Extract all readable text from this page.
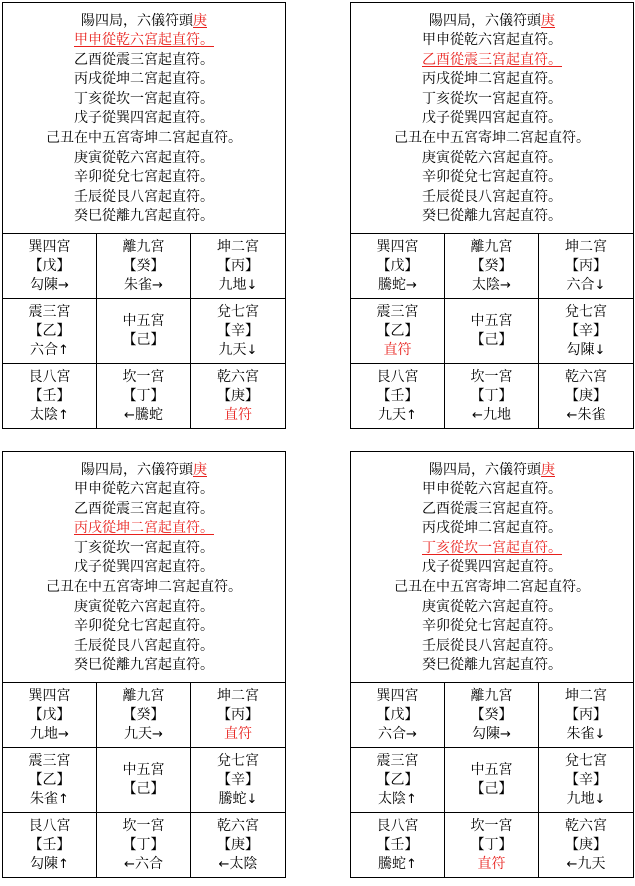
陽四局，六儀符頭庚
甲申從乾六宮起直符。
乙酉從震三宮起直符。
丙戌從坤二宮起直符。
丁亥從坎一宮起直符。
戊子從巽四宮起直符。
己丑在中五宮寄坤二宮起直符。
庚寅從乾六宮起直符。
辛卯從兌七宮起直符。
壬辰從艮八宮起直符。
癸巳從離九宮起直符。
巽四宮
【戊】
勾陳→
離九宮
【癸】
朱雀→
坤二宮
【丙】
九地↓
震三宮
【乙】
六合↑
中五宮
【己】
兌七宮
【辛】
九天↓
艮八宮
【壬】
太陰↑
坎一宮
【丁】
←騰蛇
乾六宮
【庚】
直符
陽四局，六儀符頭庚
甲申從乾六宮起直符。
乙酉從震三宮起直符。
丙戌從坤二宮起直符。
丁亥從坎一宮起直符。
戊子從巽四宮起直符。
己丑在中五宮寄坤二宮起直符。
庚寅從乾六宮起直符。
辛卯從兌七宮起直符。
壬辰從艮八宮起直符。
癸巳從離九宮起直符。
巽四宮
【戊】
騰蛇→
離九宮
【癸】
太陰→
坤二宮
【丙】
六合↓
震三宮
【乙】
直符
中五宮
【己】
兌七宮
【辛】
勾陳↓
艮八宮
【壬】
九天↑
坎一宮
【丁】
←九地
乾六宮
【庚】
←朱雀
陽四局，六儀符頭庚
甲申從乾六宮起直符。
乙酉從震三宮起直符。
丙戌從坤二宮起直符。
丁亥從坎一宮起直符。
戊子從巽四宮起直符。
己丑在中五宮寄坤二宮起直符。
庚寅從乾六宮起直符。
辛卯從兌七宮起直符。
壬辰從艮八宮起直符。
癸巳從離九宮起直符。
巽四宮
【戊】
九地→
離九宮
【癸】
九天→
坤二宮
【丙】
直符
震三宮
【乙】
朱雀↑
中五宮
【己】
兌七宮
【辛】
騰蛇↓
艮八宮
【壬】
勾陳↑
坎一宮
【丁】
←六合
乾六宮
【庚】
←太陰
陽四局，六儀符頭庚
甲申從乾六宮起直符。
乙酉從震三宮起直符。
丙戌從坤二宮起直符。
丁亥從坎一宮起直符。
戊子從巽四宮起直符。
己丑在中五宮寄坤二宮起直符。
庚寅從乾六宮起直符。
辛卯從兌七宮起直符。
壬辰從艮八宮起直符。
癸巳從離九宮起直符。
巽四宮
【戊】
六合→
離九宮
【癸】
勾陳→
坤二宮
【丙】
朱雀↓
震三宮
【乙】
太陰↑
中五宮
【己】
兌七宮
【辛】
九地↓
艮八宮
【壬】
騰蛇↑
坎一宮
【丁】
直符
乾六宮
【庚】
←九天
